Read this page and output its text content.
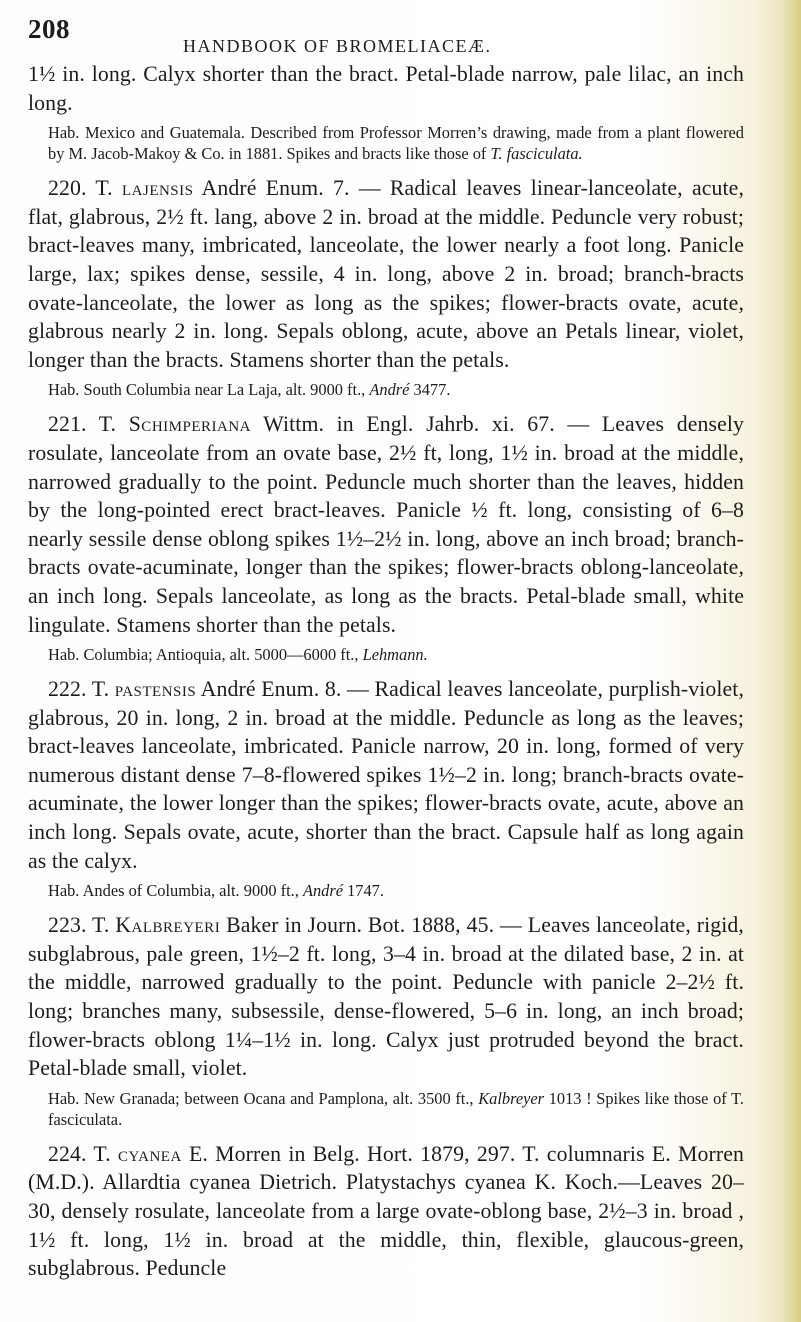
208
HANDBOOK OF BROMELIACEÆ.

1½ in. long. Calyx shorter than the bract. Petal-blade narrow, pale lilac, an inch long.

Hab. Mexico and Guatemala. Described from Professor Morren’s drawing, made from a plant flowered by M. Jacob-Makoy & Co. in 1881. Spikes and bracts like those of T. fasciculata.

220. T. lajensis André Enum. 7. — Radical leaves linear-lanceolate, acute, flat, glabrous, 2½ ft. lang, above 2 in. broad at the middle. Peduncle very robust; bract-leaves many, imbricated, lanceolate, the lower nearly a foot long. Panicle large, lax; spikes dense, sessile, 4 in. long, above 2 in. broad; branch-bracts ovate-lanceolate, the lower as long as the spikes; flower-bracts ovate, acute, glabrous nearly 2 in. long. Sepals oblong, acute, above an Petals linear, violet, longer than the bracts. Stamens shorter than the petals.

Hab. South Columbia near La Laja, alt. 9000 ft., André 3477.

221. T. Schimperiana Wittm. in Engl. Jahrb. xi. 67. — Leaves densely rosulate, lanceolate from an ovate base, 2½ ft, long, 1½ in. broad at the middle, narrowed gradually to the point. Peduncle much shorter than the leaves, hidden by the long-pointed erect bract-leaves. Panicle ½ ft. long, consisting of 6–8 nearly sessile dense oblong spikes 1½–2½ in. long, above an inch broad; branch-bracts ovate-acuminate, longer than the spikes; flower-bracts oblong-lanceolate, an inch long. Sepals lanceolate, as long as the bracts. Petal-blade small, white lingulate. Stamens shorter than the petals.

Hab. Columbia; Antioquia, alt. 5000—6000 ft., Lehmann.

222. T. pastensis André Enum. 8. — Radical leaves lanceolate, purplish-violet, glabrous, 20 in. long, 2 in. broad at the middle. Peduncle as long as the leaves; bract-leaves lanceolate, imbricated. Panicle narrow, 20 in. long, formed of very numerous distant dense 7–8-flowered spikes 1½–2 in. long; branch-bracts ovate-acuminate, the lower longer than the spikes; flower-bracts ovate, acute, above an inch long. Sepals ovate, acute, shorter than the bract. Capsule half as long again as the calyx.

Hab. Andes of Columbia, alt. 9000 ft., André 1747.

223. T. Kalbreyeri Baker in Journ. Bot. 1888, 45. — Leaves lanceolate, rigid, subglabrous, pale green, 1½–2 ft. long, 3–4 in. broad at the dilated base, 2 in. at the middle, narrowed gradually to the point. Peduncle with panicle 2–2½ ft. long; branches many, subsessile, dense-flowered, 5–6 in. long, an inch broad; flower-bracts oblong 1¼–1½ in. long. Calyx just protruded beyond the bract. Petal-blade small, violet.

Hab. New Granada; between Ocana and Pamplona, alt. 3500 ft., Kalbreyer 1013 ! Spikes like those of T. fasciculata.

224. T. cyanea E. Morren in Belg. Hort. 1879, 297. T. columnaris E. Morren (M.D.). Allardtia cyanea Dietrich. Platystachys cyanea K. Koch.—Leaves 20–30, densely rosulate, lanceolate from a large ovate-oblong base, 2½–3 in. broad , 1½ ft. long, 1½ in. broad at the middle, thin, flexible, glaucous-green, subglabrous. Peduncle
